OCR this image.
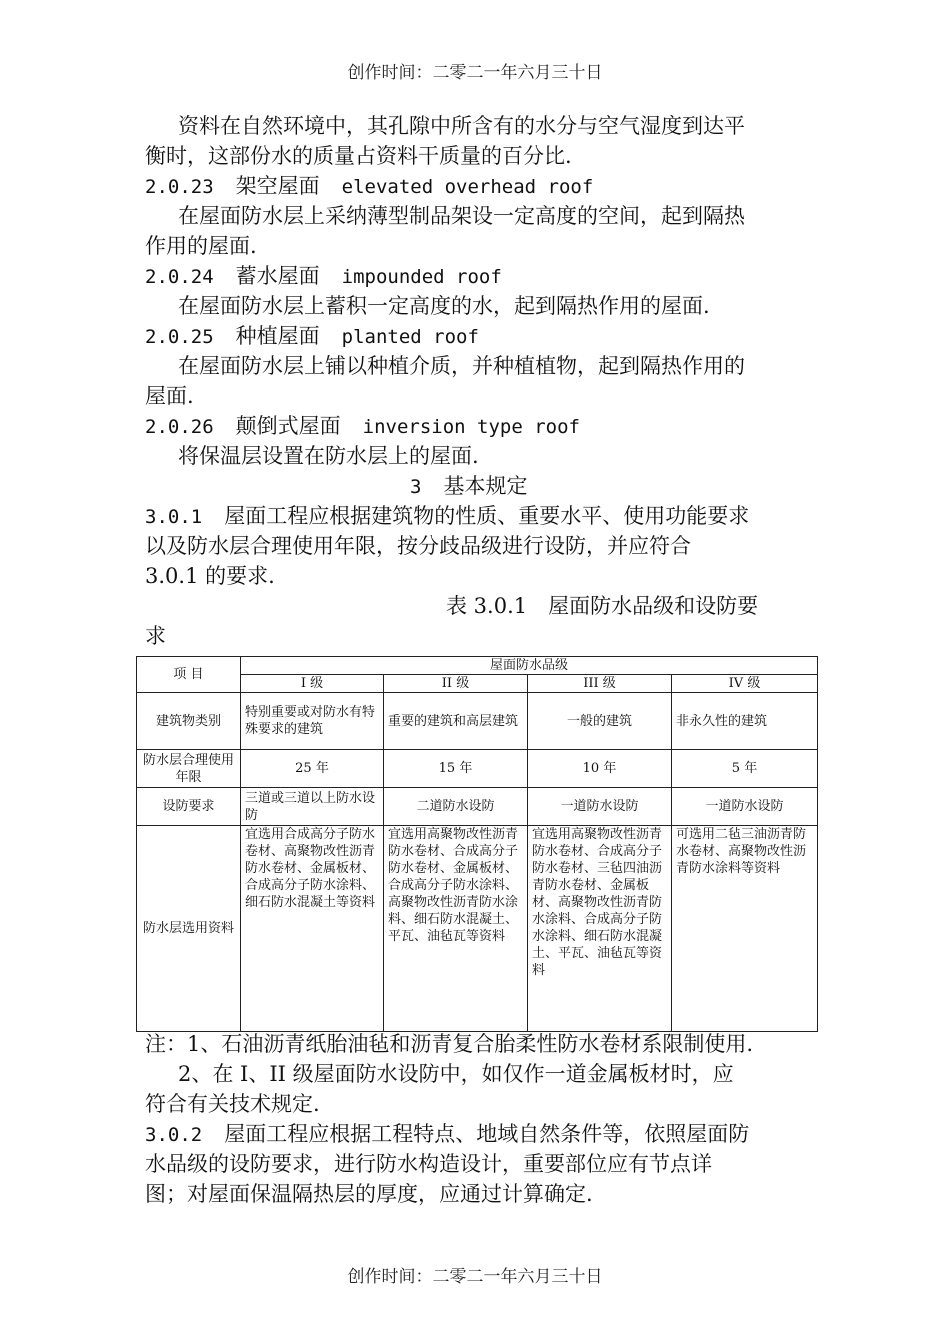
创作时间：二零二一年六月三十日
资料在自然环境中，其孔隙中所含有的水分与空气湿度到达平
衡时，这部份水的质量占资料干质量的百分比.
2.0.23 架空屋面 elevated overhead roof
在屋面防水层上采纳薄型制品架设一定高度的空间，起到隔热
作用的屋面.
2.0.24 蓄水屋面 impounded roof
在屋面防水层上蓄积一定高度的水，起到隔热作用的屋面.
2.0.25 种植屋面 planted roof
在屋面防水层上铺以种植介质，并种植植物，起到隔热作用的
屋面.
2.0.26 颠倒式屋面 inversion type roof
将保温层设置在防水层上的屋面.
3 基本规定
3.0.1 屋面工程应根据建筑物的性质、重要水平、使用功能要求
以及防水层合理使用年限，按分歧品级进行设防，并应符合
3.0.1 的要求.
表 3.0.1　屋面防水品级和设防要
求
项 目	屋面防水品级			
	I 级	II 级	III 级	IV 级
建筑物类别	特别重要或对防水有特殊要求的建筑	重要的建筑和高层建筑	一般的建筑	非永久性的建筑
防水层合理使用年限	25 年	15 年	10 年	5 年
设防要求	三道或三道以上防水设防	二道防水设防	一道防水设防	一道防水设防
防水层选用资料	宜选用合成高分子防水卷材、高聚物改性沥青防水卷材、金属板材、合成高分子防水涂料、细石防水混凝土等资料	宜选用高聚物改性沥青防水卷材、合成高分子防水卷材、金属板材、合成高分子防水涂料、高聚物改性沥青防水涂料、细石防水混凝土、平瓦、油毡瓦等资料	宜选用高聚物改性沥青防水卷材、合成高分子防水卷材、三毡四油沥青防水卷材、金属板材、高聚物改性沥青防水涂料、合成高分子防水涂料、细石防水混凝土、平瓦、油毡瓦等资料	可选用二毡三油沥青防水卷材、高聚物改性沥青防水涂料等资料
注：1、石油沥青纸胎油毡和沥青复合胎柔性防水卷材系限制使用.
2、在 I、II 级屋面防水设防中，如仅作一道金属板材时，应
符合有关技术规定.
3.0.2 屋面工程应根据工程特点、地域自然条件等，依照屋面防
水品级的设防要求，进行防水构造设计，重要部位应有节点详
图；对屋面保温隔热层的厚度，应通过计算确定.
创作时间：二零二一年六月三十日
